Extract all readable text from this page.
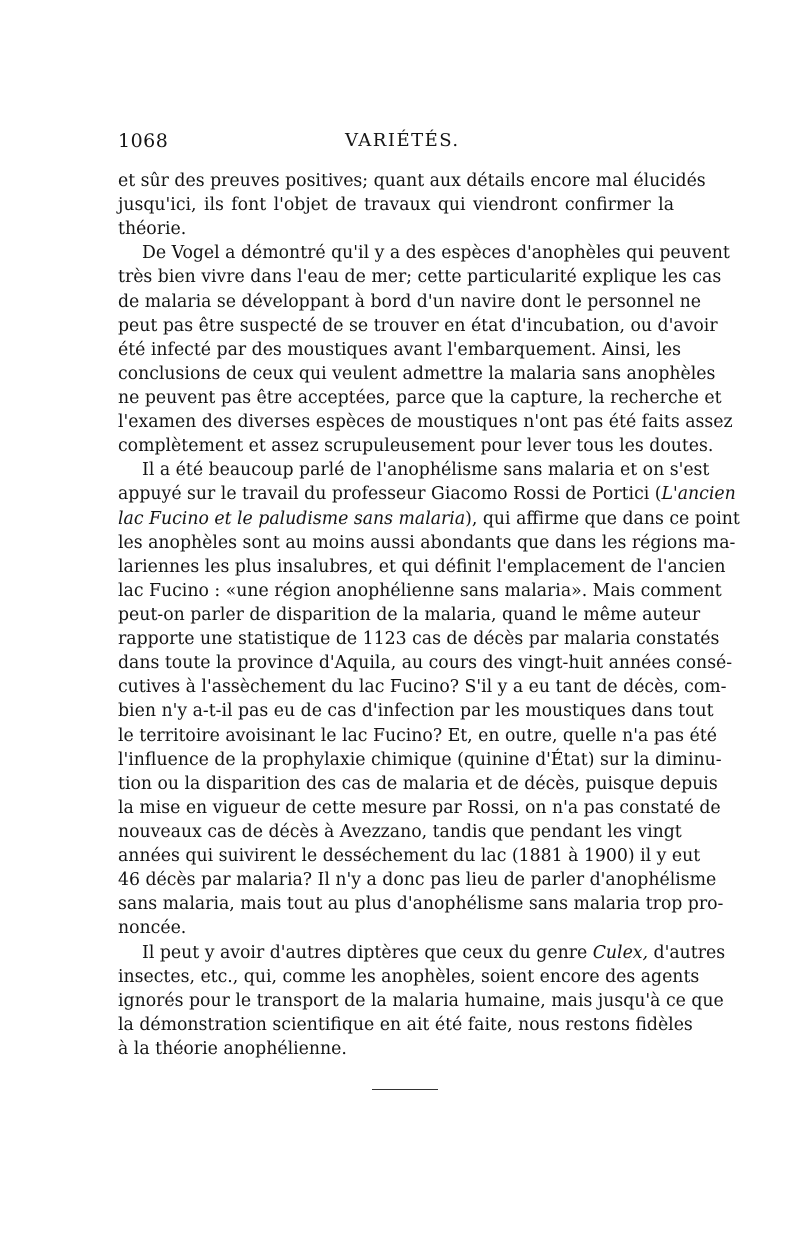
1068	VARIÉTÉS.
et sûr des preuves positives; quant aux détails encore mal élucidés
jusqu'ici, ils font l'objet de travaux qui viendront confirmer la
théorie.
De Vogel a démontré qu'il y a des espèces d'anophèles qui peuvent
très bien vivre dans l'eau de mer; cette particularité explique les cas
de malaria se développant à bord d'un navire dont le personnel ne
peut pas être suspecté de se trouver en état d'incubation, ou d'avoir
été infecté par des moustiques avant l'embarquement. Ainsi, les
conclusions de ceux qui veulent admettre la malaria sans anophèles
ne peuvent pas être acceptées, parce que la capture, la recherche et
l'examen des diverses espèces de moustiques n'ont pas été faits assez
complètement et assez scrupuleusement pour lever tous les doutes.
Il a été beaucoup parlé de l'anophélisme sans malaria et on s'est
appuyé sur le travail du professeur Giacomo Rossi de Portici (L'ancien
lac Fucino et le paludisme sans malaria), qui affirme que dans ce point
les anophèles sont au moins aussi abondants que dans les régions ma-
lariennes les plus insalubres, et qui définit l'emplacement de l'ancien
lac Fucino : «une région anophélienne sans malaria». Mais comment
peut-on parler de disparition de la malaria, quand le même auteur
rapporte une statistique de 1123 cas de décès par malaria constatés
dans toute la province d'Aquila, au cours des vingt-huit années consé-
cutives à l'assèchement du lac Fucino? S'il y a eu tant de décès, com-
bien n'y a-t-il pas eu de cas d'infection par les moustiques dans tout
le territoire avoisinant le lac Fucino? Et, en outre, quelle n'a pas été
l'influence de la prophylaxie chimique (quinine d'État) sur la diminu-
tion ou la disparition des cas de malaria et de décès, puisque depuis
la mise en vigueur de cette mesure par Rossi, on n'a pas constaté de
nouveaux cas de décès à Avezzano, tandis que pendant les vingt
années qui suivirent le desséchement du lac (1881 à 1900) il y eut
46 décès par malaria? Il n'y a donc pas lieu de parler d'anophélisme
sans malaria, mais tout au plus d'anophélisme sans malaria trop pro-
noncée.
Il peut y avoir d'autres diptères que ceux du genre Culex, d'autres
insectes, etc., qui, comme les anophèles, soient encore des agents
ignorés pour le transport de la malaria humaine, mais jusqu'à ce que
la démonstration scientifique en ait été faite, nous restons fidèles
à la théorie anophélienne.
